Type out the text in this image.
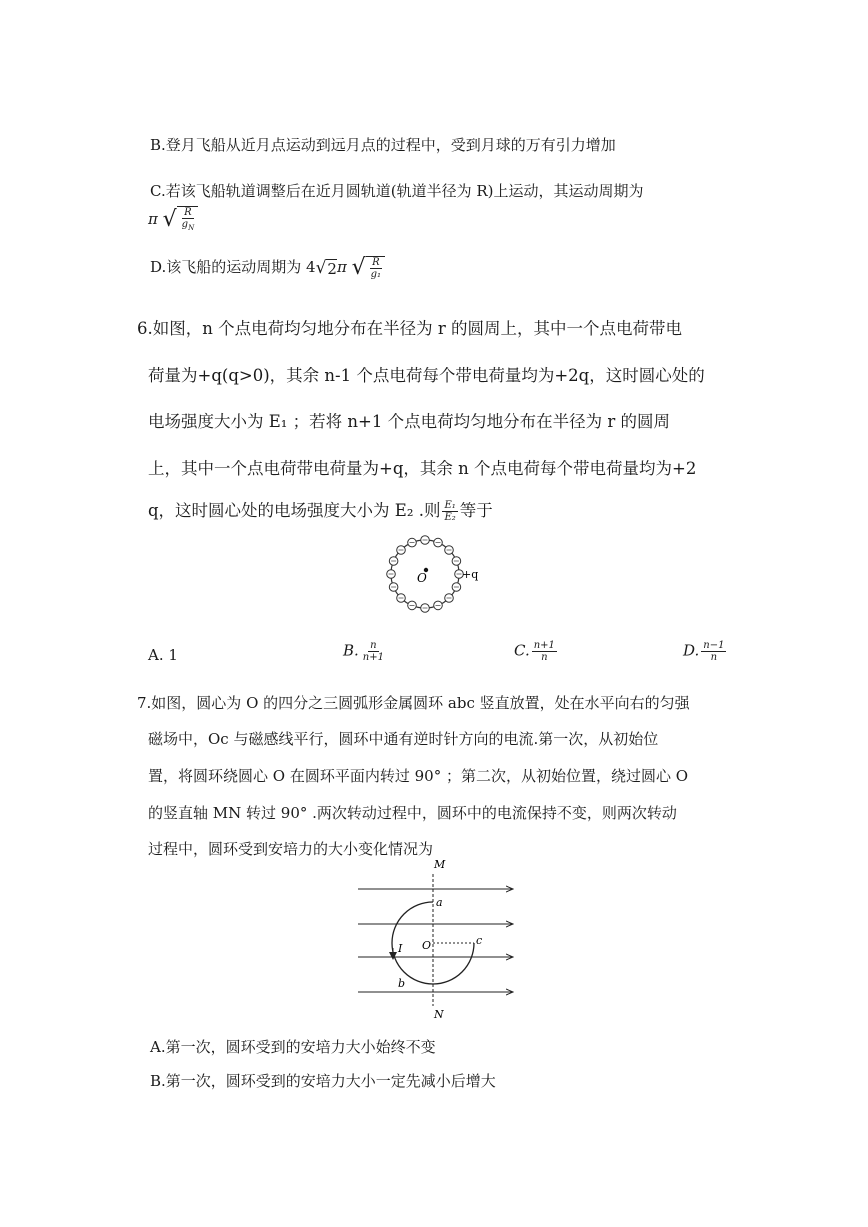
B.登月飞船从近月点运动到远月点的过程中，受到月球的万有引力增加
C.若该飞船轨道调整后在近月圆轨道(轨道半径为 R)上运动，其运动周期为
π √ $\frac{R}{g_N}$
D.该飞船的运动周期为 4 √ 2 π √ $\frac{R}{\text{g₁}}$
6.如图，n 个点电荷均匀地分布在半径为 r 的圆周上，其中一个点电荷带电
荷量为+q(q>0)，其余 n-1 个点电荷每个带电荷量均为+2q，这时圆心处的
电场强度大小为 E₁ ；若将 n+1 个点电荷均匀地分布在半径为 r 的圆周
上，其中一个点电荷带电荷量为+q，其余 n 个点电荷每个带电荷量均为+2
q，这时圆心处的电场强度大小为 E₂ .则 $\frac{\text{E₁}}{\text{E₂}}$ 等于
O	+q
A. 1	B. $\frac{n}{n+1}$	C. $\frac{n+1}{n}$	D. $\frac{n-1}{n}$
7.如图，圆心为 O 的四分之三圆弧形金属圆环 abc 竖直放置，处在水平向右的匀强
磁场中，Oc 与磁感线平行，圆环中通有逆时针方向的电流.第一次，从初始位
置，将圆环绕圆心 O 在圆环平面内转过 90° ；第二次，从初始位置，绕过圆心 O
的竖直轴 MN 转过 90° .两次转动过程中，圆环中的电流保持不变，则两次转动
过程中，圆环受到安培力的大小变化情况为
M
N
a
b
c
O
I
A.第一次，圆环受到的安培力大小始终不变
B.第一次，圆环受到的安培力大小一定先减小后增大
